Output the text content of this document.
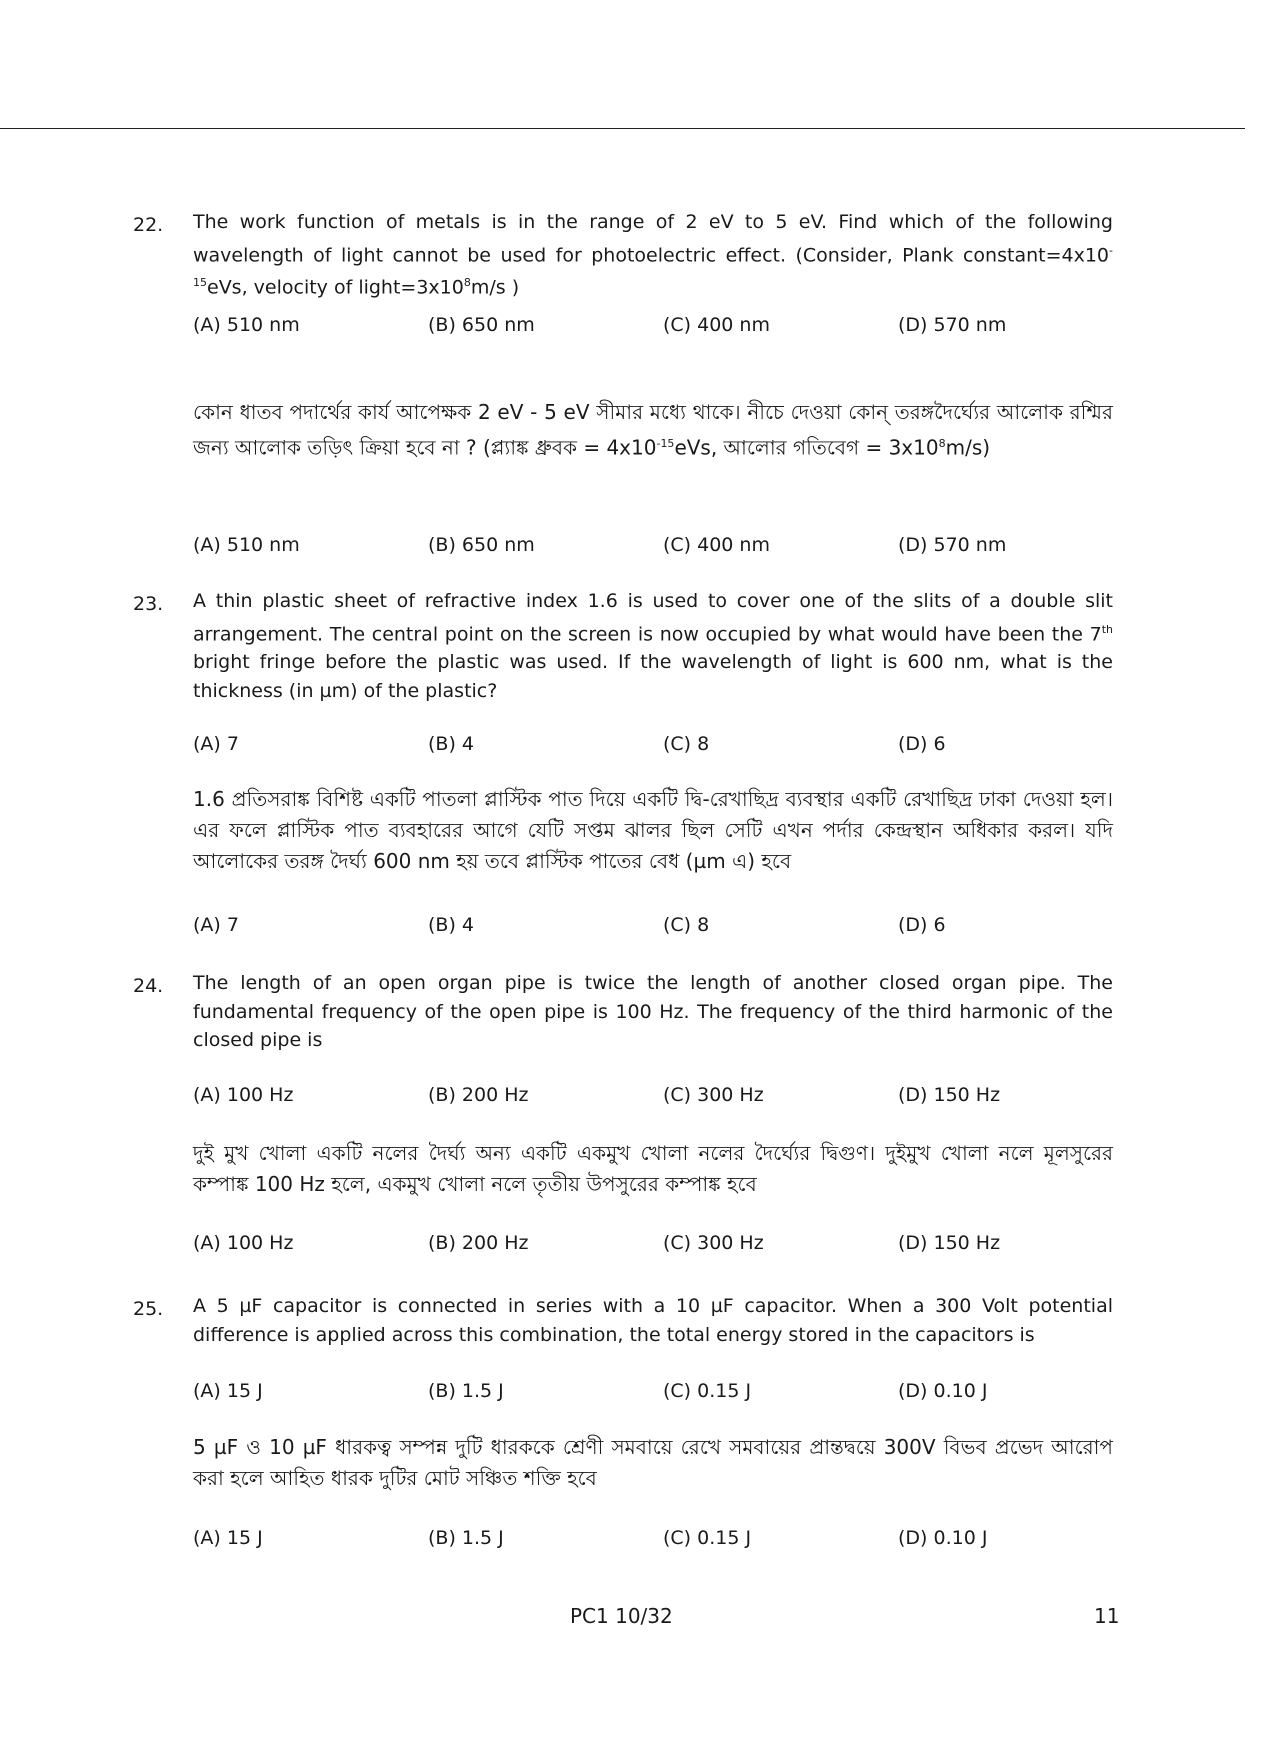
22. The work function of metals is in the range of 2 eV to 5 eV. Find which of the following wavelength of light cannot be used for photoelectric effect. (Consider, Plank $constant=4x10^{-15}eVs$, velocity of $light=3x10^8m/s$ )
(A) 510 nm	(B) 650 nm	(C) 400 nm	(D) 570 nm
কোন ধাতব পদার্থের কার্য আপেক্ষক 2 eV - 5 eV সীমার মধ্যে থাকে। নীচে দেওয়া কোন্ তরঙ্গদৈর্ঘ্যের আলোক রশ্মির জন্য আলোক তড়িৎ ক্রিয়া হবে না ? (প্ল্যাঙ্ক ধ্রুবক = $4x10^{-15}eVs$, আলোর গতিবেগ = $3x10^8m/s$)
(A) 510 nm	(B) 650 nm	(C) 400 nm	(D) 570 nm
23. A thin plastic sheet of refractive index 1.6 is used to cover one of the slits of a double slit arrangement. The central point on the screen is now occupied by what would have been the 7th bright fringe before the plastic was used. If the wavelength of light is 600 nm, what is the thickness (in µm) of the plastic?
(A) 7	(B) 4	(C) 8	(D) 6
1.6 প্রতিসরাঙ্ক বিশিষ্ট একটি পাতলা প্লাস্টিক পাত দিয়ে একটি দ্বি-রেখাছিদ্র ব্যবস্থার একটি রেখাছিদ্র ঢাকা দেওয়া হল। এর ফলে প্লাস্টিক পাত ব্যবহারের আগে যেটি সপ্তম ঝালর ছিল সেটি এখন পর্দার কেন্দ্রস্থান অধিকার করল। যদি আলোকের তরঙ্গ দৈর্ঘ্য 600 nm হয় তবে প্লাস্টিক পাতের বেধ (µm এ) হবে
(A) 7	(B) 4	(C) 8	(D) 6
24. The length of an open organ pipe is twice the length of another closed organ pipe. The fundamental frequency of the open pipe is 100 Hz. The frequency of the third harmonic of the closed pipe is
(A) 100 Hz	(B) 200 Hz	(C) 300 Hz	(D) 150 Hz
দুই মুখ খোলা একটি নলের দৈর্ঘ্য অন্য একটি একমুখ খোলা নলের দৈর্ঘ্যের দ্বিগুণ। দুইমুখ খোলা নলে মূলসুরের কম্পাঙ্ক 100 Hz হলে, একমুখ খোলা নলে তৃতীয় উপসুরের কম্পাঙ্ক হবে
(A) 100 Hz	(B) 200 Hz	(C) 300 Hz	(D) 150 Hz
25. A 5 µF capacitor is connected in series with a 10 µF capacitor. When a 300 Volt potential difference is applied across this combination, the total energy stored in the capacitors is
(A) 15 J	(B) 1.5 J	(C) 0.15 J	(D) 0.10 J
5 µF ও 10 µF ধারকত্ব সম্পন্ন দুটি ধারককে শ্রেণী সমবায়ে রেখে সমবায়ের প্রান্তদ্বয়ে 300V বিভব প্রভেদ আরোপ করা হলে আহিত ধারক দুটির মোট সঞ্চিত শক্তি হবে
(A) 15 J	(B) 1.5 J	(C) 0.15 J	(D) 0.10 J
PC1 10/32	11
